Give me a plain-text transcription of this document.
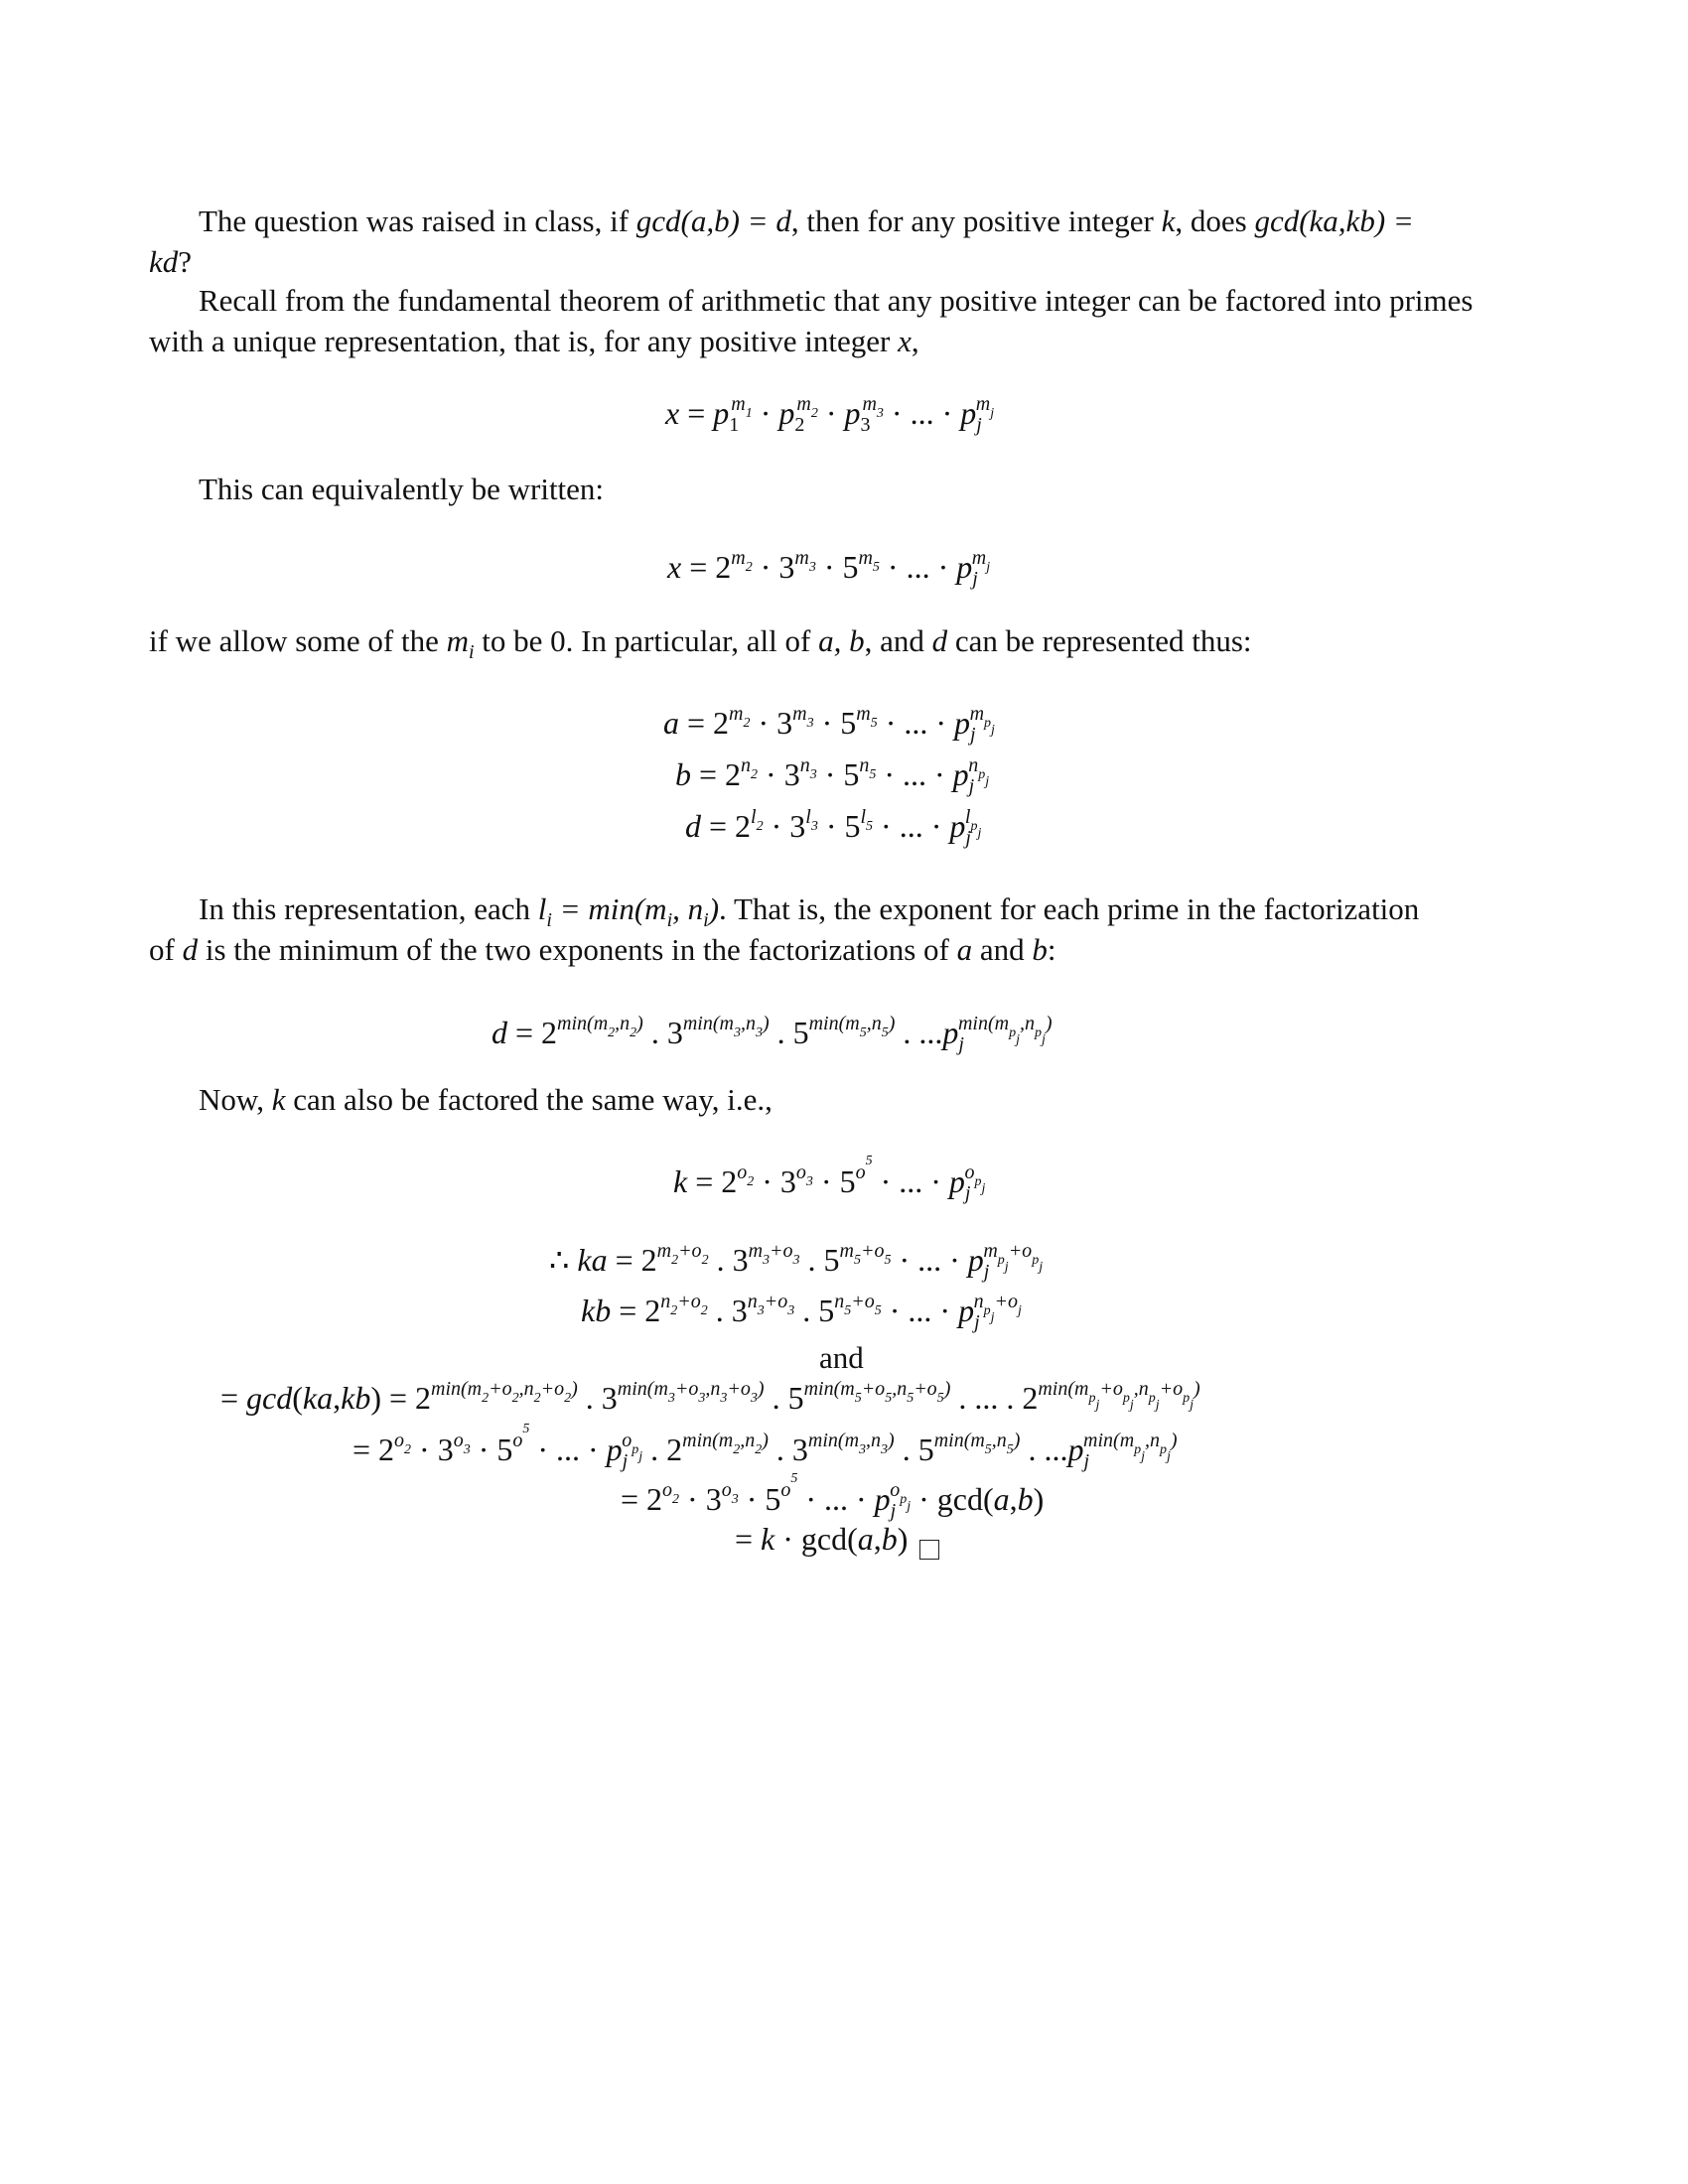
The question was raised in class, if gcd(a,b) = d, then for any positive integer k, does gcd(ka,kb) =
kd?
Recall from the fundamental theorem of arithmetic that any positive integer can be factored into primes
with a unique representation, that is, for any positive integer x,
$x = p_1^{m_1} \cdot p_2^{m_2} \cdot p_3^{m_3}$ · ... · $p_j^{m_j}$
This can equivalently be written:
$x = 2^{m_2} \cdot 3^{m_3} \cdot 5^{m_5}$ · ... · $p_j^{m_j}$
if we allow some of the $m_i$ to be 0. In particular, all of a, b, and d can be represented thus:
$a = 2^{m_2} \cdot 3^{m_3} \cdot 5^{m_5}$ · ... · $p_j^{m_{p_j}}$
$b = 2^{n_2} \cdot 3^{n_3} \cdot 5^{n_5}$ · ... · $p_j^{n_{p_j}}$
$d = 2^{l_2} \cdot 3^{l_3} \cdot 5^{l_5}$ · ... · $p_j^{l_{p_j}}$
In this representation, each $l_i = \min(m_i$, $n_i$). That is, the exponent for each prime in the factorization
of d is the minimum of the two exponents in the factorizations of a and b:
$d = 2^{min(m_2,n_2)}$ . $3^{min(m_3,n_3)}$ . $5^{min(m_5,n_5)}$ . $...p_j^{min(m_{p_j},n_{p_j})}$
Now, k can also be factored the same way, i.e.,
$k = 2^{o_2} \cdot 3^{o_3} \cdot 5^{o^5}$ · ... · $p_j^{o_{p_j}}$
∴ ka = $2^{m_2+o_2}$ . $3^{m_3+o_3}$ . $5^{m_5+o_5}$ · ... · $p_j^{m_{p_j}+o_{p_j}}$
kb = $2^{n_2+o_2}$ . $3^{n_3+o_3}$ . $5^{n_5+o_5}$ · ... · $p_j^{n_{p_j}+o_j}$
and
= $\gcd(ka,kb) = 2^{min(m_2+o_2,n_2+o_2)}$ . $3^{min(m_3+o_3,n_3+o_3)}$ . $5^{min(m_5+o_5,n_5+o_5)}$ . ... . $2^{min(m_{p_j}+o_{p_j},n_{p_j}+o_{p_j})}$
= $2^{o_2} \cdot 3^{o_3} \cdot 5^{o^5}$ · ... · $p_j^{o_{p_j}}$ . $2^{min(m_2,n_2)}$ . $3^{min(m_3,n_3)}$ . $5^{min(m_5,n_5)}$ . $...p_j^{min(m_{p_j},n_{p_j})}$
= $2^{o_2} \cdot 3^{o_3} \cdot 5^{o^5}$ · ... · $p_j^{o_{p_j}} \cdot \gcd(a,b)$
= k · gcd(a,b)
